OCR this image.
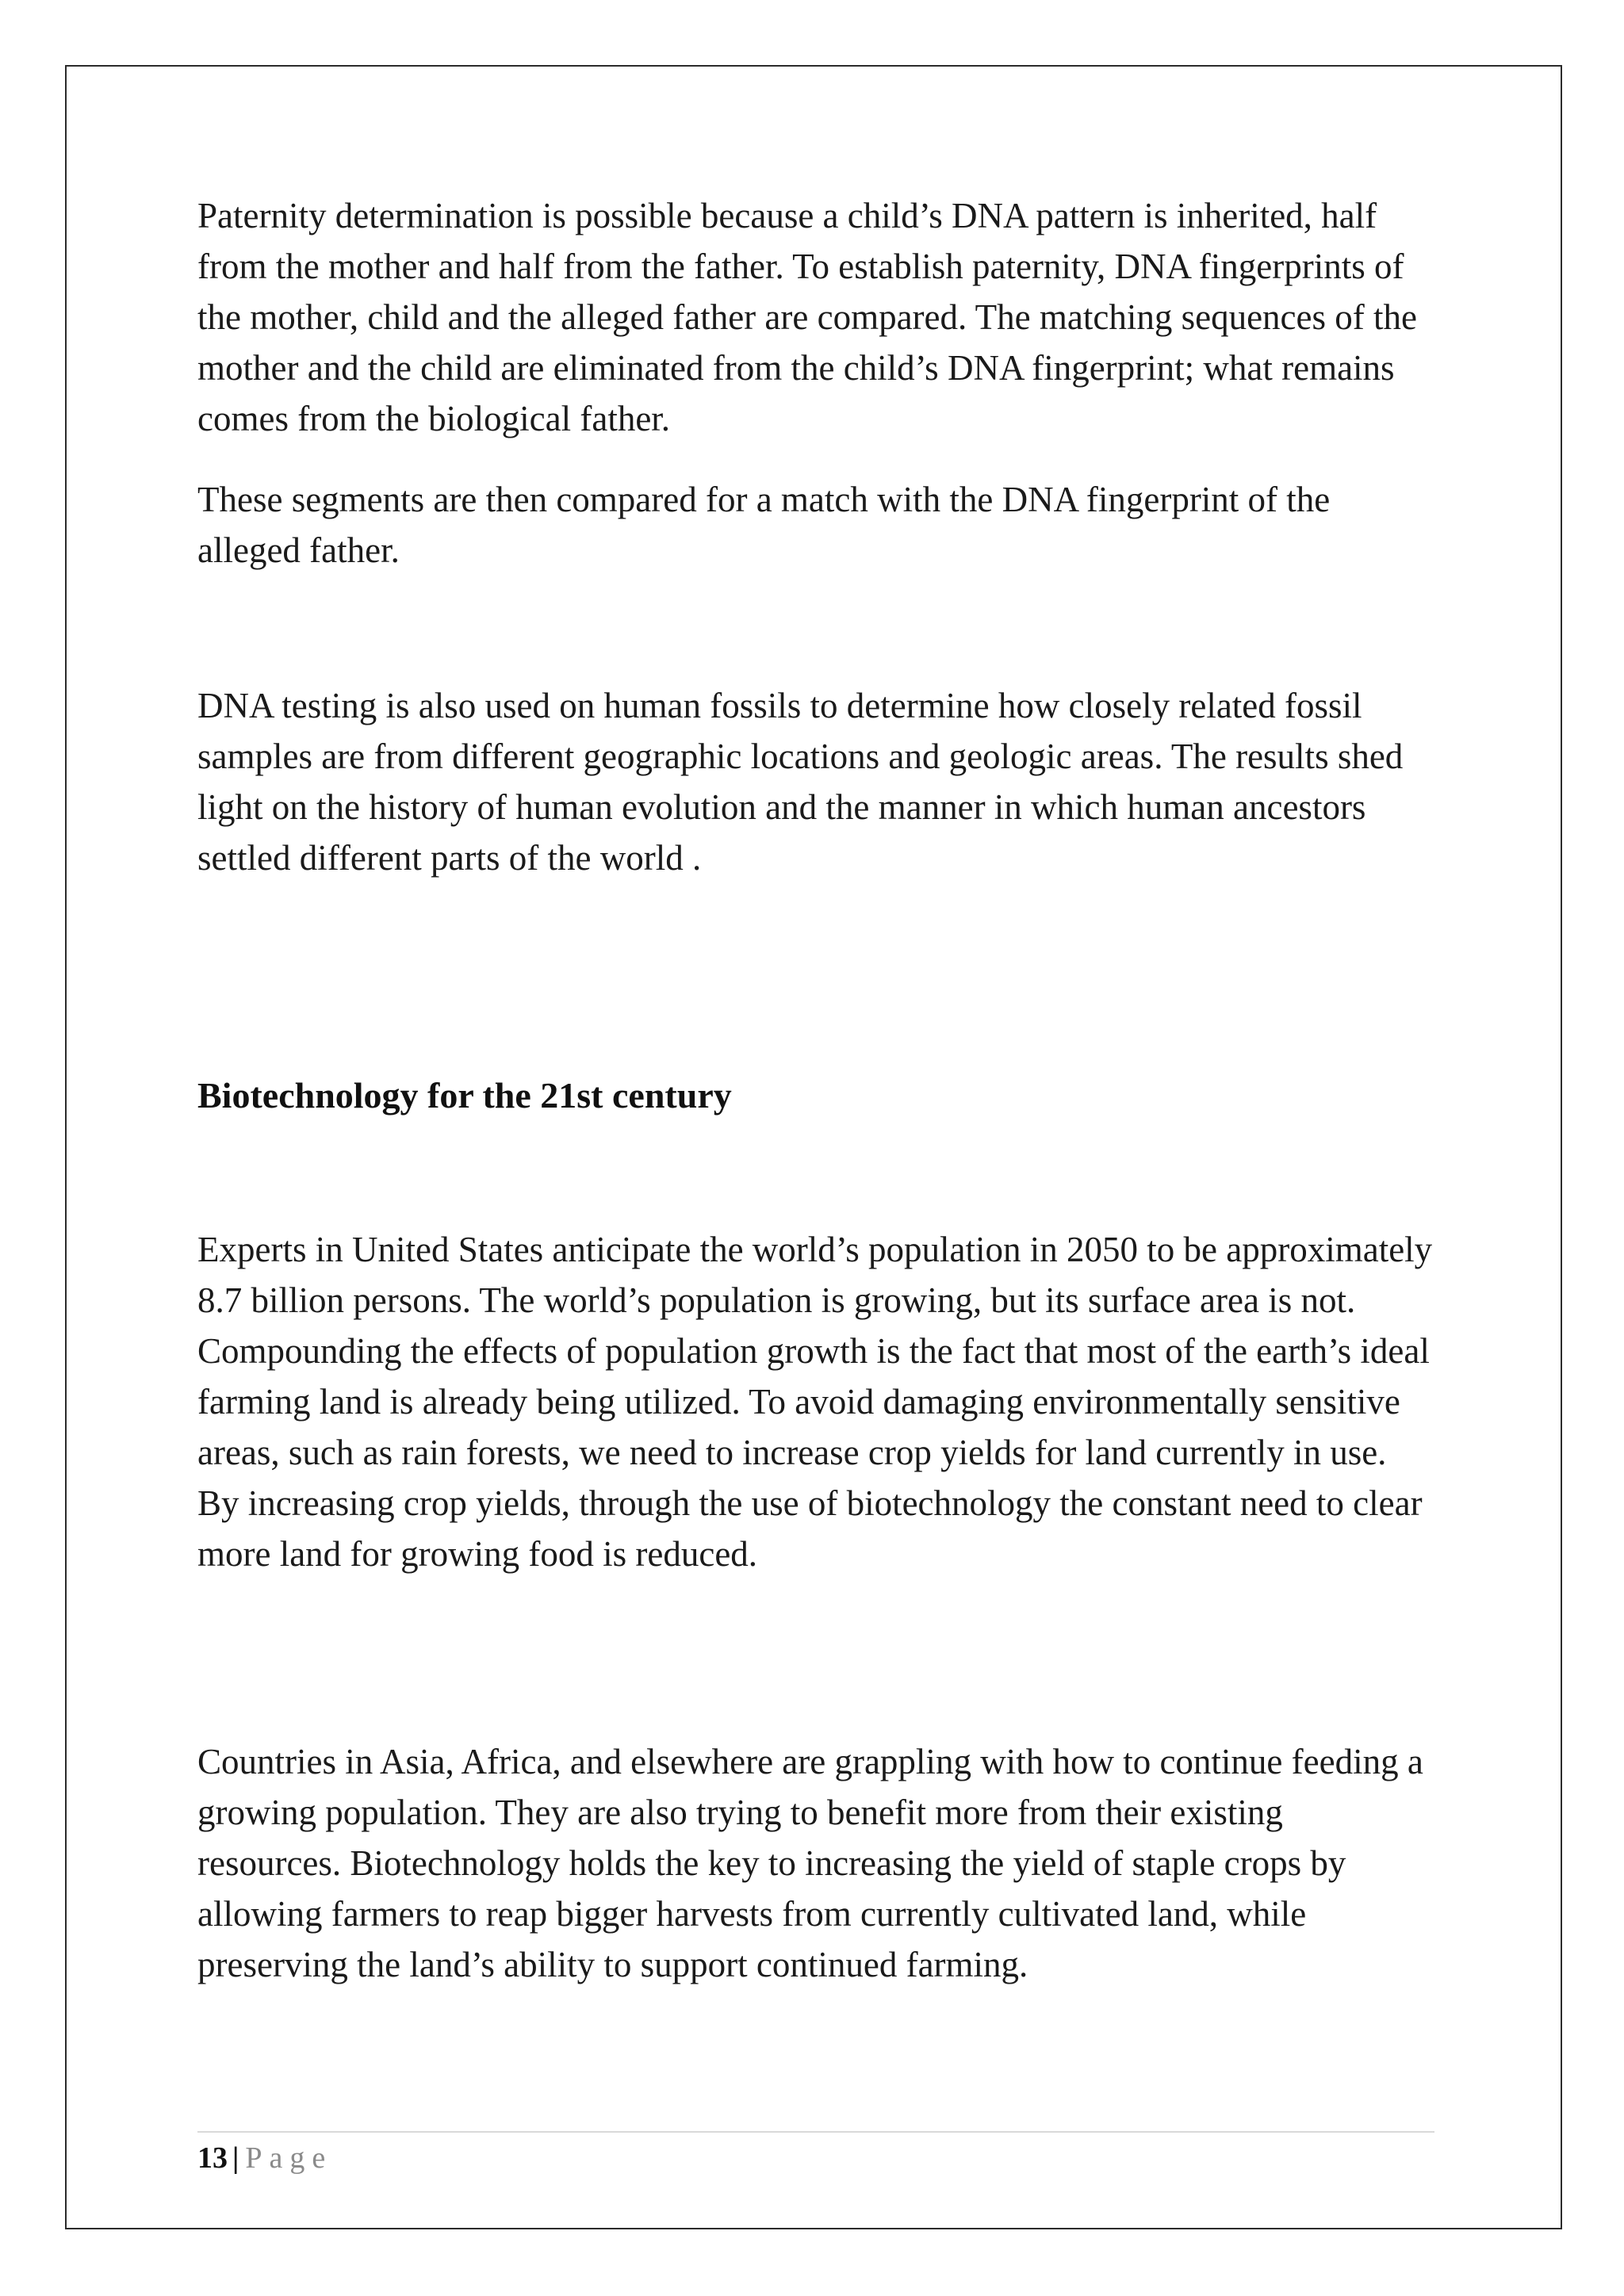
Paternity determination is possible because a child’s DNA pattern is inherited, half from the mother and half from the father. To establish paternity, DNA fingerprints of the mother, child and the alleged father are compared. The matching sequences of the mother and the child are eliminated from the child’s DNA fingerprint; what remains comes from the biological father.

These segments are then compared for a match with the DNA fingerprint of the alleged father.

DNA testing is also used on human fossils to determine how closely related fossil samples are from different geographic locations and geologic areas. The results shed light on the history of human evolution and the manner in which human ancestors settled different parts of the world .

Biotechnology for the 21st century

Experts in United States anticipate the world’s population in 2050 to be approximately 8.7 billion persons. The world’s population is growing, but its surface area is not. Compounding the effects of population growth is the fact that most of the earth’s ideal farming land is already being utilized. To avoid damaging environmentally sensitive areas, such as rain forests, we need to increase crop yields for land currently in use. By increasing crop yields, through the use of biotechnology the constant need to clear more land for growing food is reduced.

Countries in Asia, Africa, and elsewhere are grappling with how to continue feeding a growing population. They are also trying to benefit more from their existing resources. Biotechnology holds the key to increasing the yield of staple crops by allowing farmers to reap bigger harvests from currently cultivated land, while preserving the land’s ability to support continued farming.

13 | Page
